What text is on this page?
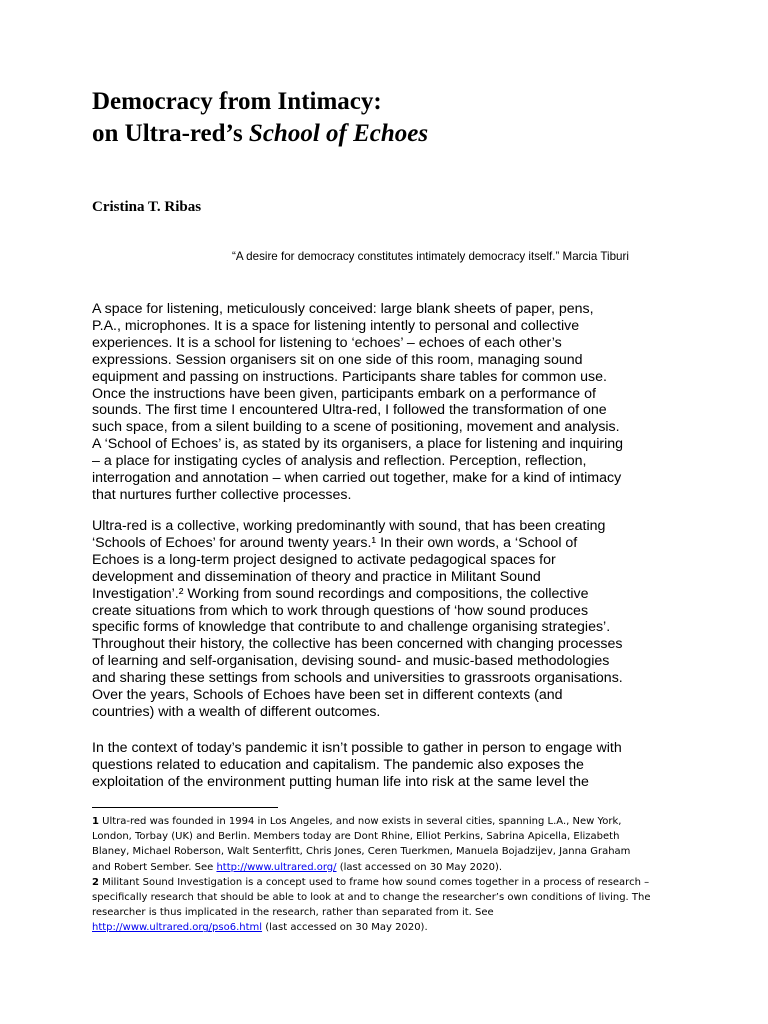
Democracy from Intimacy:
on Ultra-red’s School of Echoes

Cristina T. Ribas

“A desire for democracy constitutes intimately democracy itself.” Marcia Tiburi

A space for listening, meticulously conceived: large blank sheets of paper, pens,
P.A., microphones. It is a space for listening intently to personal and collective
experiences. It is a school for listening to ‘echoes’ – echoes of each other’s
expressions. Session organisers sit on one side of this room, managing sound
equipment and passing on instructions. Participants share tables for common use.
Once the instructions have been given, participants embark on a performance of
sounds. The first time I encountered Ultra-red, I followed the transformation of one
such space, from a silent building to a scene of positioning, movement and analysis.
A ‘School of Echoes’ is, as stated by its organisers, a place for listening and inquiring
– a place for instigating cycles of analysis and reflection. Perception, reflection,
interrogation and annotation – when carried out together, make for a kind of intimacy
that nurtures further collective processes.

Ultra-red is a collective, working predominantly with sound, that has been creating
‘Schools of Echoes’ for around twenty years.¹ In their own words, a ‘School of
Echoes is a long-term project designed to activate pedagogical spaces for
development and dissemination of theory and practice in Militant Sound
Investigation’.² Working from sound recordings and compositions, the collective
create situations from which to work through questions of ‘how sound produces
specific forms of knowledge that contribute to and challenge organising strategies’.
Throughout their history, the collective has been concerned with changing processes
of learning and self-organisation, devising sound- and music-based methodologies
and sharing these settings from schools and universities to grassroots organisations.
Over the years, Schools of Echoes have been set in different contexts (and
countries) with a wealth of different outcomes.

In the context of today’s pandemic it isn’t possible to gather in person to engage with
questions related to education and capitalism. The pandemic also exposes the
exploitation of the environment putting human life into risk at the same level the

1 Ultra-red was founded in 1994 in Los Angeles, and now exists in several cities, spanning L.A., New York,
London, Torbay (UK) and Berlin. Members today are Dont Rhine, Elliot Perkins, Sabrina Apicella, Elizabeth
Blaney, Michael Roberson, Walt Senterfitt, Chris Jones, Ceren Tuerkmen, Manuela Bojadzijev, Janna Graham
and Robert Sember. See http://www.ultrared.org/ (last accessed on 30 May 2020).
2 Militant Sound Investigation is a concept used to frame how sound comes together in a process of research –
specifically research that should be able to look at and to change the researcher’s own conditions of living. The
researcher is thus implicated in the research, rather than separated from it. See
http://www.ultrared.org/pso6.html (last accessed on 30 May 2020).
